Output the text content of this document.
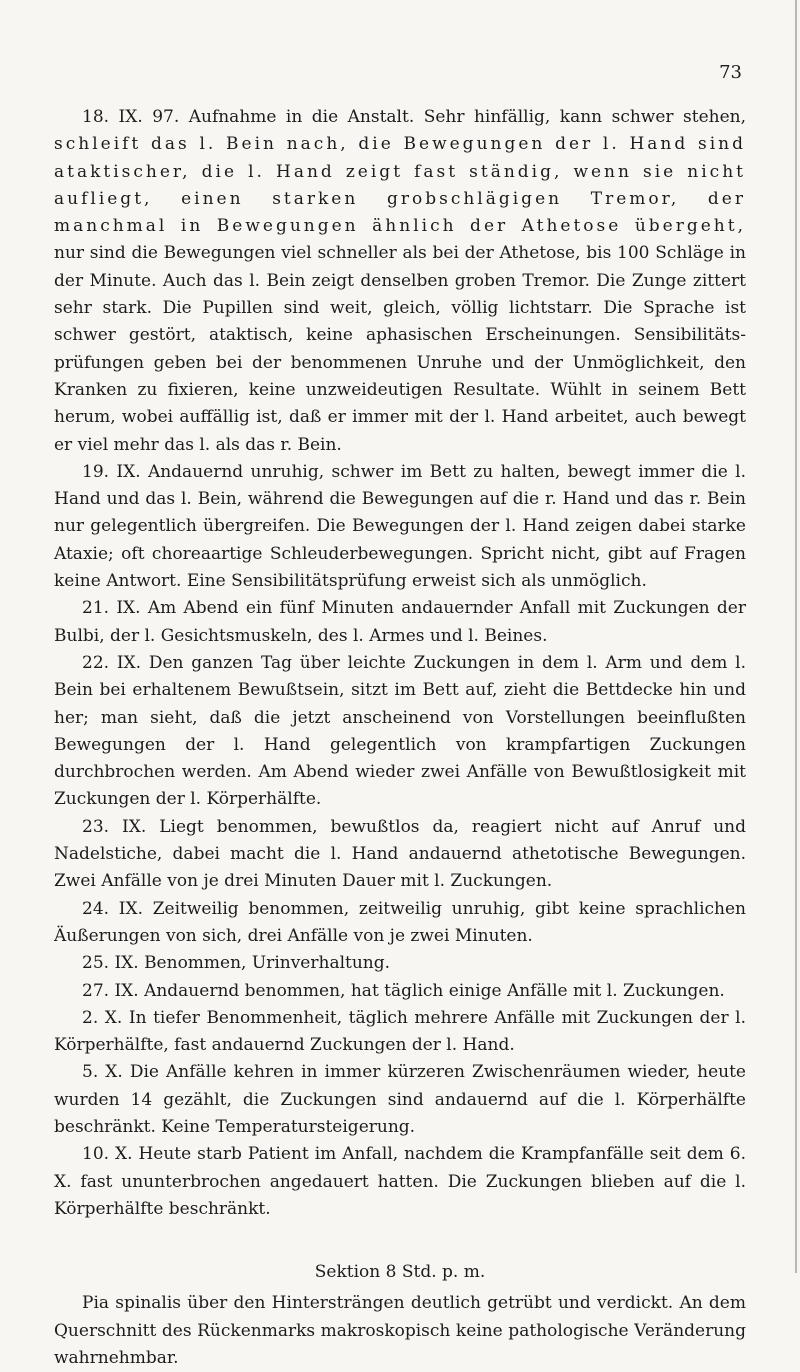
73

18. IX. 97. Aufnahme in die Anstalt. Sehr hinfällig, kann schwer stehen, schleift das l. Bein nach, die Bewegungen der l. Hand sind ataktischer, die l. Hand zeigt fast ständig, wenn sie nicht aufliegt, einen starken grobschlägigen Tremor, der manchmal in Bewegungen ähnlich der Athetose übergeht, nur sind die Bewegungen viel schneller als bei der Athetose, bis 100 Schläge in der Minute. Auch das l. Bein zeigt denselben groben Tremor. Die Zunge zittert sehr stark. Die Pupillen sind weit, gleich, völlig lichtstarr. Die Sprache ist schwer gestört, ataktisch, keine aphasischen Erscheinungen. Sensibilitätsprüfungen geben bei der benommenen Unruhe und der Unmöglichkeit, den Kranken zu fixieren, keine unzweideutigen Resultate. Wühlt in seinem Bett herum, wobei auffällig ist, daß er immer mit der l. Hand arbeitet, auch bewegt er viel mehr das l. als das r. Bein.

19. IX. Andauernd unruhig, schwer im Bett zu halten, bewegt immer die l. Hand und das l. Bein, während die Bewegungen auf die r. Hand und das r. Bein nur gelegentlich übergreifen. Die Bewegungen der l. Hand zeigen dabei starke Ataxie; oft choreaartige Schleuderbewegungen. Spricht nicht, gibt auf Fragen keine Antwort. Eine Sensibilitätsprüfung erweist sich als unmöglich.

21. IX. Am Abend ein fünf Minuten andauernder Anfall mit Zuckungen der Bulbi, der l. Gesichtsmuskeln, des l. Armes und l. Beines.

22. IX. Den ganzen Tag über leichte Zuckungen in dem l. Arm und dem l. Bein bei erhaltenem Bewußtsein, sitzt im Bett auf, zieht die Bettdecke hin und her; man sieht, daß die jetzt anscheinend von Vorstellungen beeinflußten Bewegungen der l. Hand gelegentlich von krampfartigen Zuckungen durchbrochen werden. Am Abend wieder zwei Anfälle von Bewußtlosigkeit mit Zuckungen der l. Körperhälfte.

23. IX. Liegt benommen, bewußtlos da, reagiert nicht auf Anruf und Nadelstiche, dabei macht die l. Hand andauernd athetotische Bewegungen. Zwei Anfälle von je drei Minuten Dauer mit l. Zuckungen.

24. IX. Zeitweilig benommen, zeitweilig unruhig, gibt keine sprachlichen Äußerungen von sich, drei Anfälle von je zwei Minuten.

25. IX. Benommen, Urinverhaltung.

27. IX. Andauernd benommen, hat täglich einige Anfälle mit l. Zuckungen.

2. X. In tiefer Benommenheit, täglich mehrere Anfälle mit Zuckungen der l. Körperhälfte, fast andauernd Zuckungen der l. Hand.

5. X. Die Anfälle kehren in immer kürzeren Zwischenräumen wieder, heute wurden 14 gezählt, die Zuckungen sind andauernd auf die l. Körperhälfte beschränkt. Keine Temperatursteigerung.

10. X. Heute starb Patient im Anfall, nachdem die Krampfanfälle seit dem 6. X. fast ununterbrochen angedauert hatten. Die Zuckungen blieben auf die l. Körperhälfte beschränkt.

Sektion 8 Std. p. m.

Pia spinalis über den Hintersträngen deutlich getrübt und verdickt. An dem Querschnitt des Rückenmarks makroskopisch keine pathologische Veränderung wahrnehmbar.
